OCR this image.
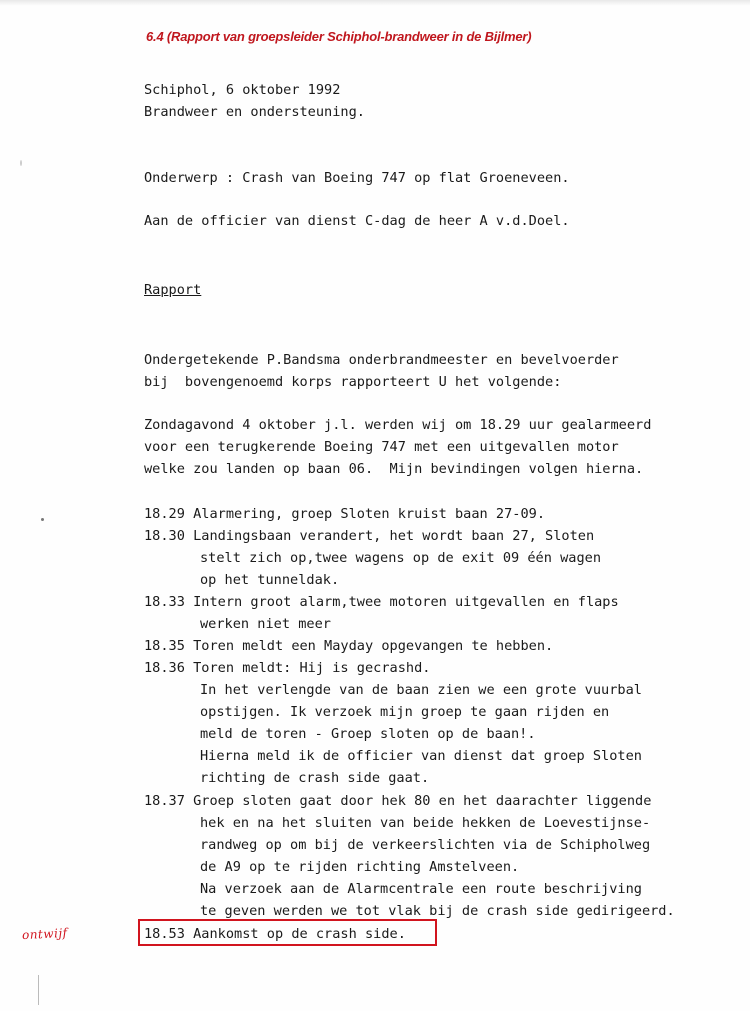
6.4 (Rapport van groepsleider Schiphol-brandweer in de Bijlmer)
Schiphol, 6 oktober 1992
Brandweer en ondersteuning.
Onderwerp : Crash van Boeing 747 op flat Groeneveen.
Aan de officier van dienst C-dag de heer A v.d.Doel.
Rapport
Ondergetekende P.Bandsma onderbrandmeester en bevelvoerder
bij  bovengenoemd korps rapporteert U het volgende:
Zondagavond 4 oktober j.l. werden wij om 18.29 uur gealarmeerd
voor een terugkerende Boeing 747 met een uitgevallen motor
welke zou landen op baan 06.  Mijn bevindingen volgen hierna.
18.29 Alarmering, groep Sloten kruist baan 27-09.
18.30 Landingsbaan verandert, het wordt baan 27, Sloten
stelt zich op,twee wagens op de exit 09 één wagen
op het tunneldak.
18.33 Intern groot alarm,twee motoren uitgevallen en flaps
werken niet meer
18.35 Toren meldt een Mayday opgevangen te hebben.
18.36 Toren meldt: Hij is gecrashd.
In het verlengde van de baan zien we een grote vuurbal
opstijgen. Ik verzoek mijn groep te gaan rijden en
meld de toren - Groep sloten op de baan!.
Hierna meld ik de officier van dienst dat groep Sloten
richting de crash side gaat.
18.37 Groep sloten gaat door hek 80 en het daarachter liggende
hek en na het sluiten van beide hekken de Loevestijnse-
randweg op om bij de verkeerslichten via de Schipholweg
de A9 op te rijden richting Amstelveen.
Na verzoek aan de Alarmcentrale een route beschrijving
te geven werden we tot vlak bij de crash side gedirigeerd.
18.53 Aankomst op de crash side.
ontwijf
